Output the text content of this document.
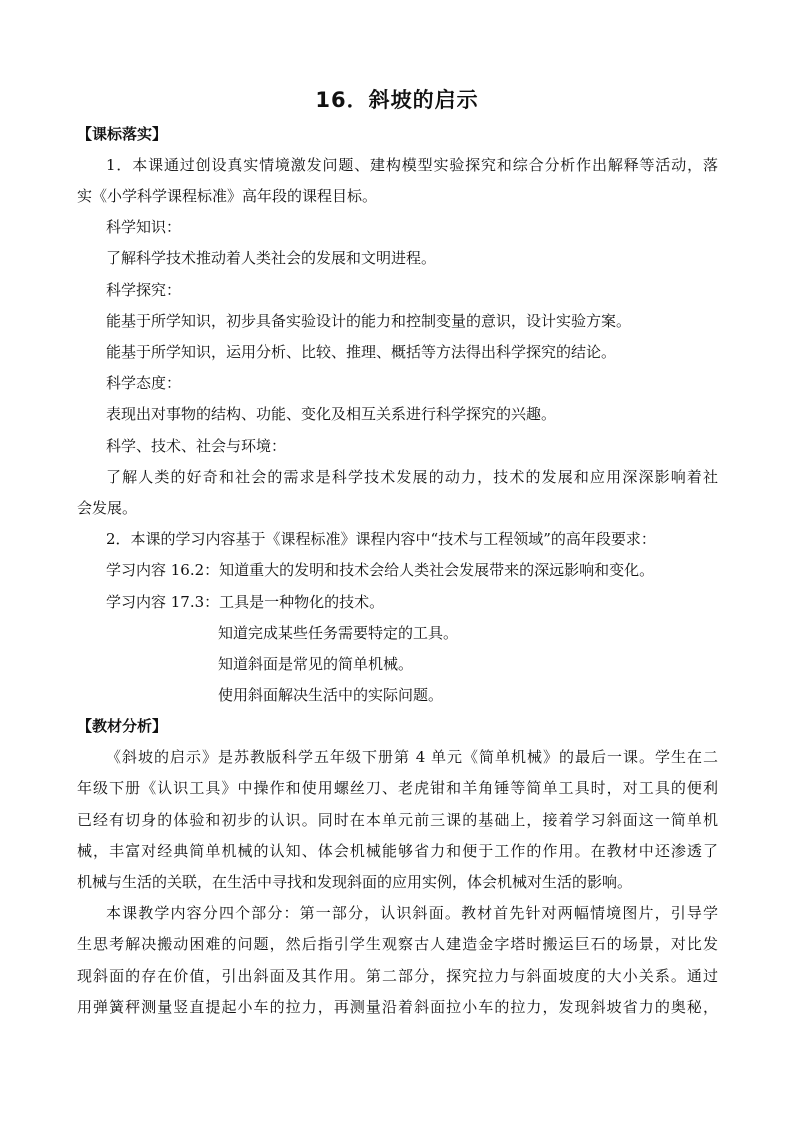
16．斜坡的启示
【课标落实】
1．本课通过创设真实情境激发问题、建构模型实验探究和综合分析作出解释等活动，落
实《小学科学课程标准》高年段的课程目标。
科学知识：
了解科学技术推动着人类社会的发展和文明进程。
科学探究：
能基于所学知识，初步具备实验设计的能力和控制变量的意识，设计实验方案。
能基于所学知识，运用分析、比较、推理、概括等方法得出科学探究的结论。
科学态度：
表现出对事物的结构、功能、变化及相互关系进行科学探究的兴趣。
科学、技术、社会与环境：
了解人类的好奇和社会的需求是科学技术发展的动力，技术的发展和应用深深影响着社
会发展。
2．本课的学习内容基于《课程标准》课程内容中“技术与工程领域”的高年段要求：
学习内容 16.2：知道重大的发明和技术会给人类社会发展带来的深远影响和变化。
学习内容 17.3：工具是一种物化的技术。
知道完成某些任务需要特定的工具。
知道斜面是常见的简单机械。
使用斜面解决生活中的实际问题。
【教材分析】
《斜坡的启示》是苏教版科学五年级下册第 4 单元《简单机械》的最后一课。学生在二
年级下册《认识工具》中操作和使用螺丝刀、老虎钳和羊角锤等简单工具时，对工具的便利
已经有切身的体验和初步的认识。同时在本单元前三课的基础上，接着学习斜面这一简单机
械，丰富对经典简单机械的认知、体会机械能够省力和便于工作的作用。在教材中还渗透了
机械与生活的关联，在生活中寻找和发现斜面的应用实例，体会机械对生活的影响。
本课教学内容分四个部分：第一部分，认识斜面。教材首先针对两幅情境图片，引导学
生思考解决搬动困难的问题，然后指引学生观察古人建造金字塔时搬运巨石的场景，对比发
现斜面的存在价值，引出斜面及其作用。第二部分，探究拉力与斜面坡度的大小关系。通过
用弹簧秤测量竖直提起小车的拉力，再测量沿着斜面拉小车的拉力，发现斜坡省力的奥秘，
